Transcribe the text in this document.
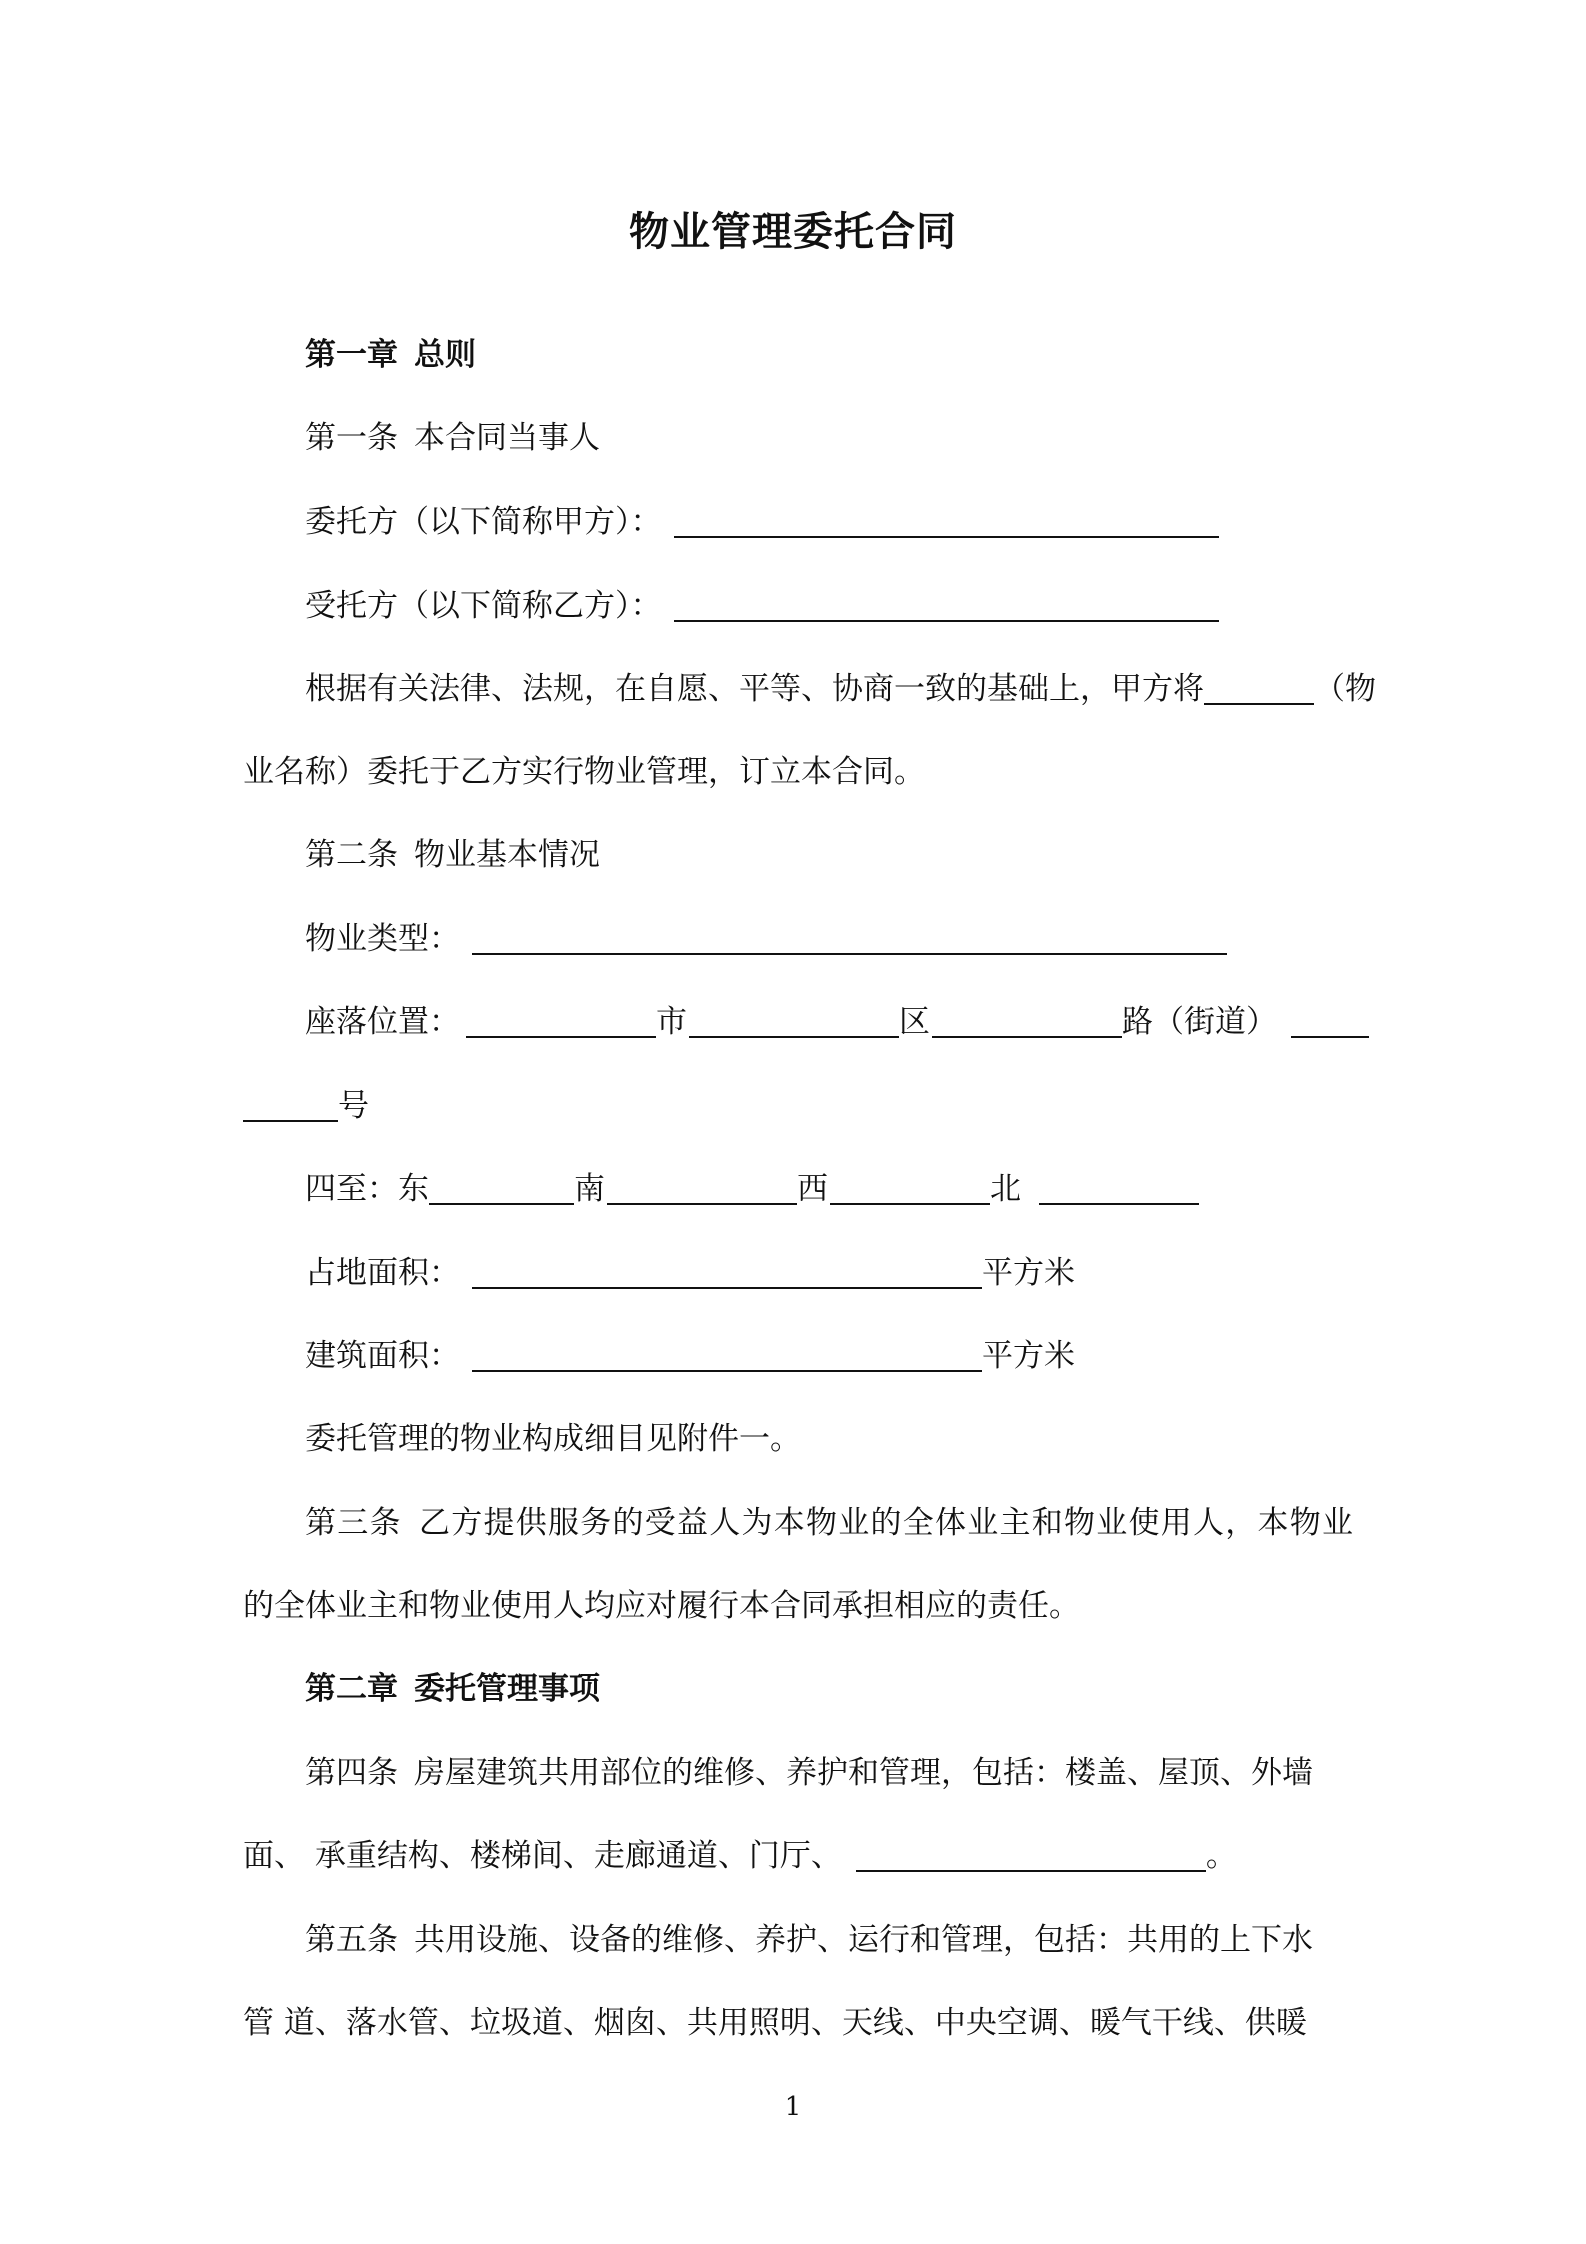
物业管理委托合同
第一章 总则
第一条 本合同当事人
委托方（以下简称甲方）：
受托方（以下简称乙方）：
根据有关法律、法规，在自愿、平等、协商一致的基础上，甲方将	（物
业名称）委托于乙方实行物业管理，订立本合同。
第二条 物业基本情况
物业类型：
座落位置：	市	区	路（街道）
号
四至：东	南	西	北
占地面积：	平方米
建筑面积：	平方米
委托管理的物业构成细目见附件一。
第三条 乙方提供服务的受益人为本物业的全体业主和物业使用人，本物业
的全体业主和物业使用人均应对履行本合同承担相应的责任。
第二章 委托管理事项
第四条 房屋建筑共用部位的维修、养护和管理，包括：楼盖、屋顶、外墙
面、 承重结构、楼梯间、走廊通道、门厅、	。
第五条 共用设施、设备的维修、养护、运行和管理，包括：共用的上下水
管 道、落水管、垃圾道、烟囱、共用照明、天线、中央空调、暖气干线、供暖
1
